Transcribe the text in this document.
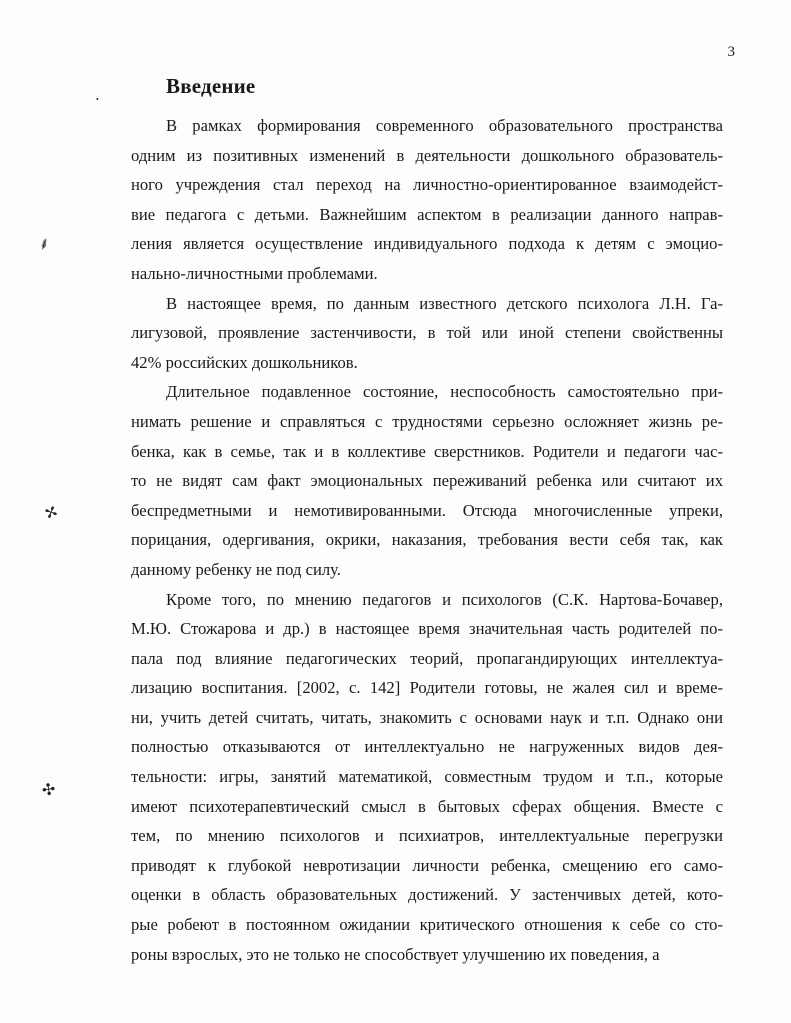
•
⸙
✢
✣
3
Введение

В рамках формирования современного образовательного пространства
одним из позитивных изменений в деятельности дошкольного образователь-
ного учреждения стал переход на личностно-ориентированное взаимодейст-
вие педагога с детьми. Важнейшим аспектом в реализации данного направ-
ления является осуществление индивидуального подхода к детям с эмоцио-
нально-личностными проблемами.

В настоящее время, по данным известного детского психолога Л.Н. Га-
лигузовой, проявление застенчивости, в той или иной степени свойственны
42% российских дошкольников.

Длительное подавленное состояние, неспособность самостоятельно при-
нимать решение и справляться с трудностями серьезно осложняет жизнь ре-
бенка, как в семье, так и в коллективе сверстников. Родители и педагоги час-
то не видят сам факт эмоциональных переживаний ребенка или считают их
беспредметными и немотивированными. Отсюда многочисленные упреки,
порицания, одергивания, окрики, наказания, требования вести себя так, как
данному ребенку не под силу.

Кроме того, по мнению педагогов и психологов (С.К. Нартова-Бочавер,
М.Ю. Стожарова и др.) в настоящее время значительная часть родителей по-
пала под влияние педагогических теорий, пропагандирующих интеллектуа-
лизацию воспитания. [2002, с. 142] Родители готовы, не жалея сил и време-
ни, учить детей считать, читать, знакомить с основами наук и т.п. Однако они
полностью отказываются от интеллектуально не нагруженных видов дея-
тельности: игры, занятий математикой, совместным трудом и т.п., которые
имеют психотерапевтический смысл в бытовых сферах общения. Вместе с
тем, по мнению психологов и психиатров, интеллектуальные перегрузки
приводят к глубокой невротизации личности ребенка, смещению его само-
оценки в область образовательных достижений. У застенчивых детей, кото-
рые робеют в постоянном ожидании критического отношения к себе со сто-
роны взрослых, это не только не способствует улучшению их поведения, а
